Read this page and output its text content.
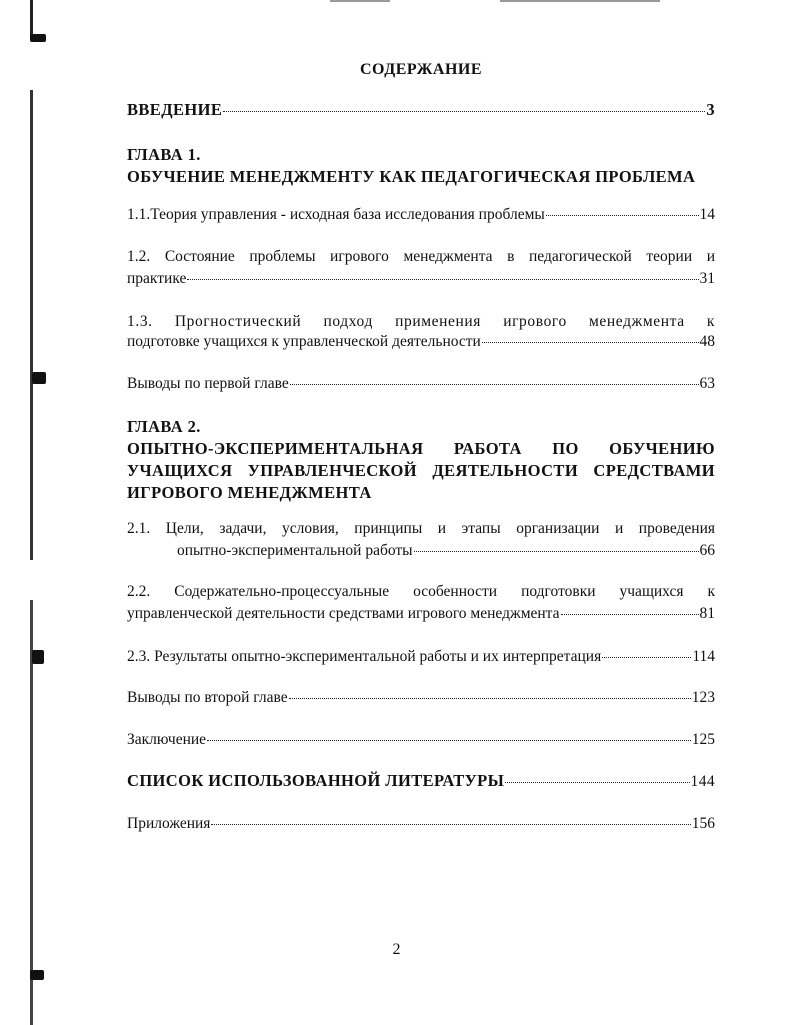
СОДЕРЖАНИЕ
ВВЕДЕНИЕ	3
ГЛАВА 1.
ОБУЧЕНИЕ МЕНЕДЖМЕНТУ КАК ПЕДАГОГИЧЕСКАЯ ПРОБЛЕМА
1.1.Теория управления - исходная база исследования проблемы	14
1.2. Состояние проблемы игрового менеджмента в педагогической теории и
практике	31
1.3. Прогностический подход применения игрового менеджмента к
подготовке учащихся к управленческой деятельности	48
Выводы по первой главе	63
ГЛАВА 2.
ОПЫТНО-ЭКСПЕРИМЕНТАЛЬНАЯ РАБОТА ПО ОБУЧЕНИЮ
УЧАЩИХСЯ УПРАВЛЕНЧЕСКОЙ ДЕЯТЕЛЬНОСТИ СРЕДСТВАМИ
ИГРОВОГО МЕНЕДЖМЕНТА
2.1. Цели, задачи, условия, принципы и этапы организации и проведения
опытно-экспериментальной работы	66
2.2. Содержательно-процессуальные особенности подготовки учащихся к
управленческой деятельности средствами игрового менеджмента	81
2.3. Результаты опытно-экспериментальной работы и их интерпретация	114
Выводы по второй главе	123
Заключение	125
СПИСОК ИСПОЛЬЗОВАННОЙ ЛИТЕРАТУРЫ	144
Приложения	156
2
